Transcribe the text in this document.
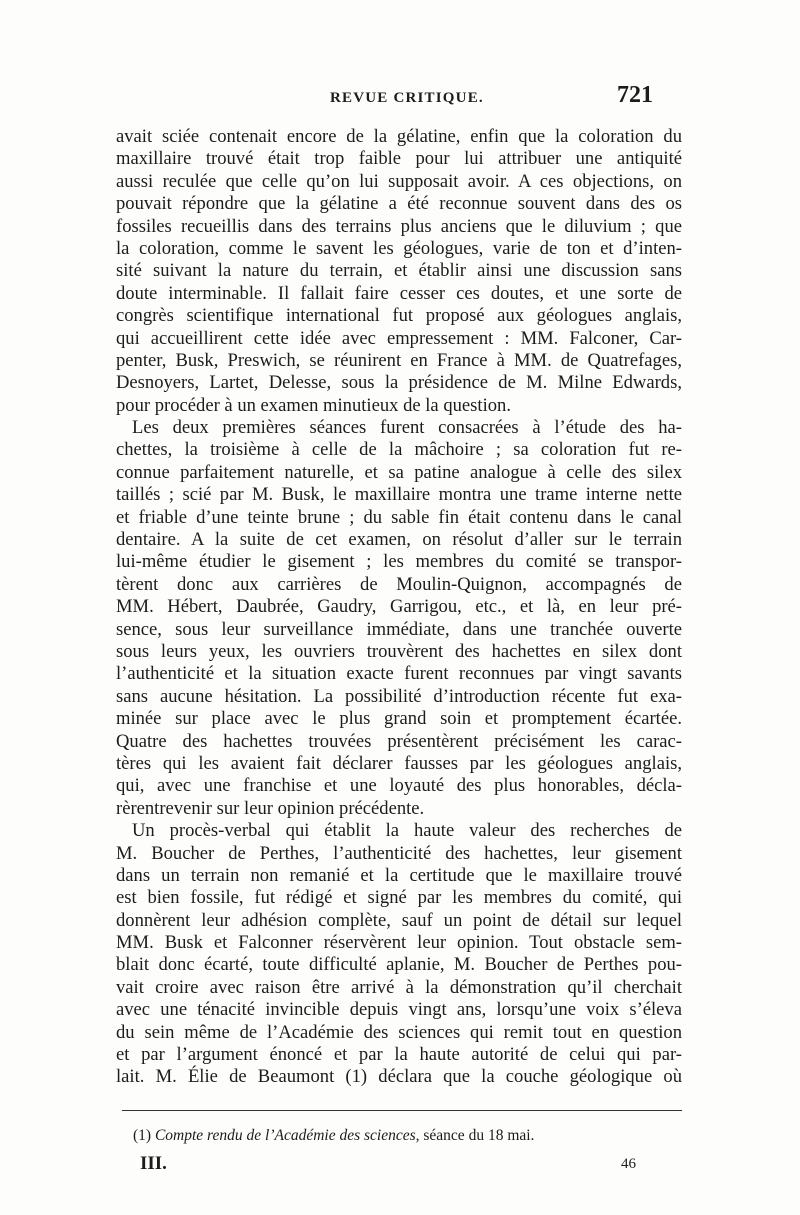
REVUE CRITIQUE.	721
avait sciée contenait encore de la gélatine, enfin que la coloration du
maxillaire trouvé était trop faible pour lui attribuer une antiquité
aussi reculée que celle qu’on lui supposait avoir. A ces objections, on
pouvait répondre que la gélatine a été reconnue souvent dans des os
fossiles recueillis dans des terrains plus anciens que le diluvium ; que
la coloration, comme le savent les géologues, varie de ton et d’inten-
sité suivant la nature du terrain, et établir ainsi une discussion sans
doute interminable. Il fallait faire cesser ces doutes, et une sorte de
congrès scientifique international fut proposé aux géologues anglais,
qui accueillirent cette idée avec empressement : MM. Falconer, Car-
penter, Busk, Preswich, se réunirent en France à MM. de Quatrefages,
Desnoyers, Lartet, Delesse, sous la présidence de M. Milne Edwards,
pour procéder à un examen minutieux de la question.
Les deux premières séances furent consacrées à l’étude des ha-
chettes, la troisième à celle de la mâchoire ; sa coloration fut re-
connue parfaitement naturelle, et sa patine analogue à celle des silex
taillés ; scié par M. Busk, le maxillaire montra une trame interne nette
et friable d’une teinte brune ; du sable fin était contenu dans le canal
dentaire. A la suite de cet examen, on résolut d’aller sur le terrain
lui-même étudier le gisement ; les membres du comité se transpor-
tèrent donc aux carrières de Moulin-Quignon, accompagnés de
MM. Hébert, Daubrée, Gaudry, Garrigou, etc., et là, en leur pré-
sence, sous leur surveillance immédiate, dans une tranchée ouverte
sous leurs yeux, les ouvriers trouvèrent des hachettes en silex dont
l’authenticité et la situation exacte furent reconnues par vingt savants
sans aucune hésitation. La possibilité d’introduction récente fut exa-
minée sur place avec le plus grand soin et promptement écartée.
Quatre des hachettes trouvées présentèrent précisément les carac-
tères qui les avaient fait déclarer fausses par les géologues anglais,
qui, avec une franchise et une loyauté des plus honorables, décla-
rèrentrevenir sur leur opinion précédente.
Un procès-verbal qui établit la haute valeur des recherches de
M. Boucher de Perthes, l’authenticité des hachettes, leur gisement
dans un terrain non remanié et la certitude que le maxillaire trouvé
est bien fossile, fut rédigé et signé par les membres du comité, qui
donnèrent leur adhésion complète, sauf un point de détail sur lequel
MM. Busk et Falconner réservèrent leur opinion. Tout obstacle sem-
blait donc écarté, toute difficulté aplanie, M. Boucher de Perthes pou-
vait croire avec raison être arrivé à la démonstration qu’il cherchait
avec une ténacité invincible depuis vingt ans, lorsqu’une voix s’éleva
du sein même de l’Académie des sciences qui remit tout en question
et par l’argument énoncé et par la haute autorité de celui qui par-
lait. M. Élie de Beaumont (1) déclara que la couche géologique où
(1) Compte rendu de l’Académie des sciences, séance du 18 mai.
III.	46
